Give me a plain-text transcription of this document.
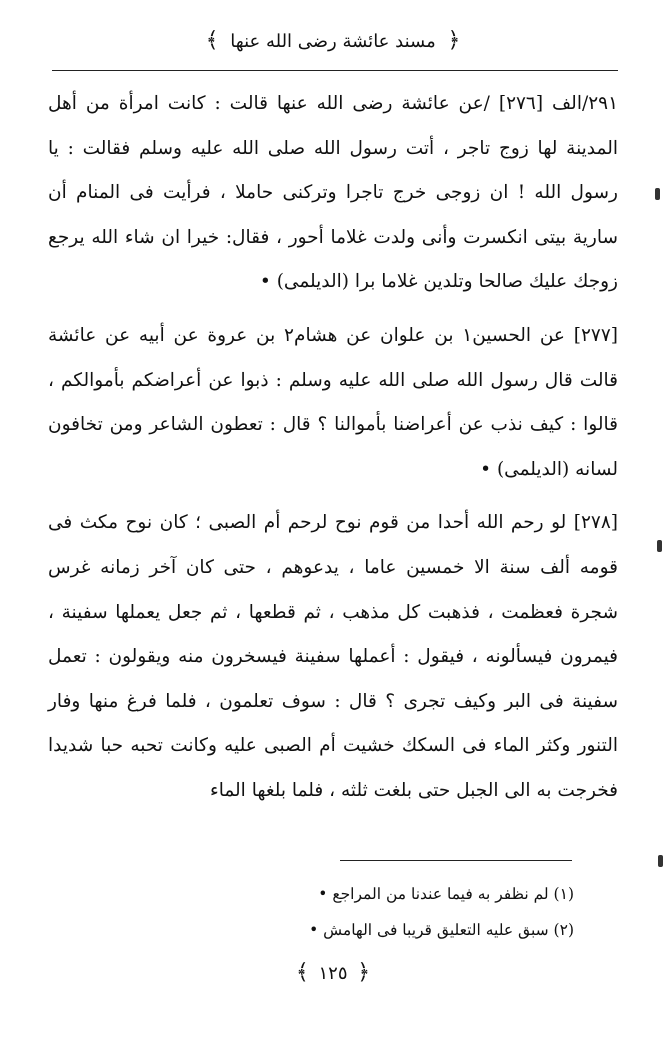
﴿ مسند عائشة رضى الله عنها ﴾

٢٩١/الف [٢٧٦] /عن عائشة رضى الله عنها قالت : كانت امرأة من أهل المدينة لها زوج تاجر ، أتت رسول الله صلى الله عليه وسلم فقالت : يا رسول الله ! ان زوجى خرج تاجرا وتركنى حاملا ، فرأيت فى المنام أن سارية بيتى انكسرت وأنى ولدت غلاما أحور ، فقال: خيرا ان شاء الله يرجع زوجك عليك صالحا وتلدين غلاما برا (الديلمى) •

[٢٧٧] عن الحسين١ بن علوان عن هشام٢ بن عروة عن أبيه عن عائشة قالت قال رسول الله صلى الله عليه وسلم : ذبوا عن أعراضكم بأموالكم ، قالوا : كيف نذب عن أعراضنا بأموالنا ؟ قال : تعطون الشاعر ومن تخافون لسانه (الديلمى) •

[٢٧٨] لو رحم الله أحدا من قوم نوح لرحم أم الصبى ؛ كان نوح مكث فى قومه ألف سنة الا خمسين عاما ، يدعوهم ، حتى كان آخر زمانه غرس شجرة فعظمت ، فذهبت كل مذهب ، ثم قطعها ، ثم جعل يعملها سفينة ، فيمرون فيسألونه ، فيقول : أعملها سفينة فيسخرون منه ويقولون : تعمل سفينة فى البر وكيف تجرى ؟ قال : سوف تعلمون ، فلما فرغ منها وفار التنور وكثر الماء فى السكك خشيت أم الصبى عليه وكانت تحبه حبا شديدا فخرجت به الى الجبل حتى بلغت ثلثه ، فلما بلغها الماء

(١) لم نظفر به فيما عندنا من المراجع •
(٢) سبق عليه التعليق قريبا فى الهامش •
﴿ ١٢٥ ﴾
